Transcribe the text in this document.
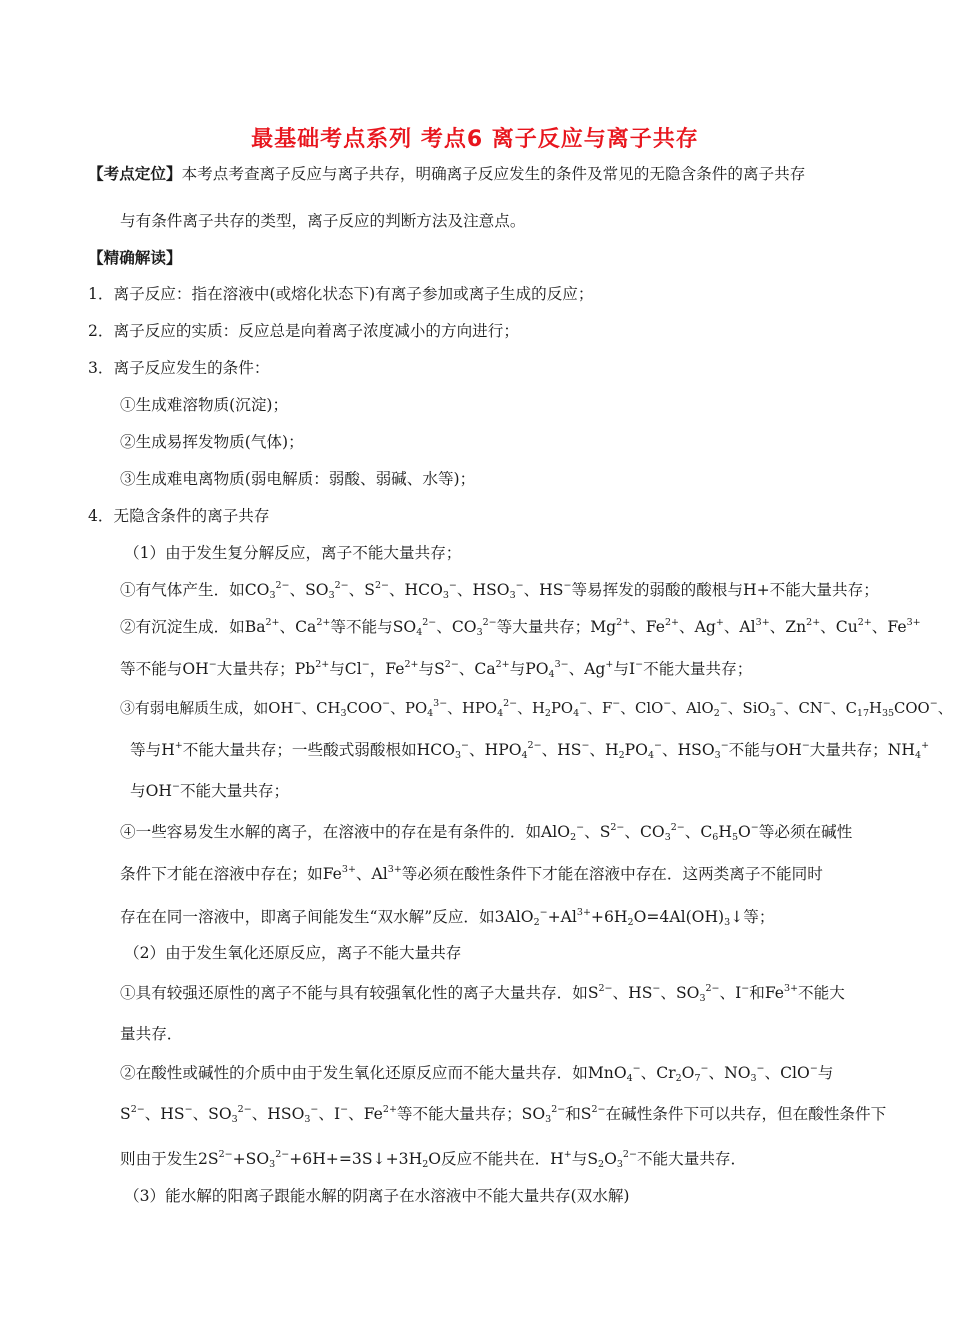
最基础考点系列 考点6 离子反应与离子共存
【考点定位】本考点考查离子反应与离子共存，明确离子反应发生的条件及常见的无隐含条件的离子共存
与有条件离子共存的类型，离子反应的判断方法及注意点。
【精确解读】
1．离子反应：指在溶液中(或熔化状态下)有离子参加或离子生成的反应；
2．离子反应的实质：反应总是向着离子浓度减小的方向进行；
3．离子反应发生的条件：
①生成难溶物质(沉淀)；
②生成易挥发物质(气体)；
③生成难电离物质(弱电解质：弱酸、弱碱、水等)；
4．无隐含条件的离子共存
（1）由于发生复分解反应，离子不能大量共存；
①有气体产生．如$CO_3^{2-}$、$SO_3^{2-}$、$S^{2-}$、$HCO_3^-$、$HSO_3^-$、HS−等易挥发的弱酸的酸根与H+不能大量共存；
②有沉淀生成．如$Ba^{2+}$、$Ca^{2+}$等不能与$SO_4^{2-}$、$CO_3^{2-}$等大量共存；$Mg^{2+}$、$Fe^{2+}$、Ag+、$Al^{3+}$、$Zn^{2+}$、$Cu^{2+}$、$Fe^{3+}$
等不能与OH−大量共存；$Pb^{2+}$与Cl−，$Fe^{2+}$与$S^{2-}$、$Ca^{2+}$与$PO_4^{3-}$、Ag+与I−不能大量共存；
③有弱电解质生成，如OH−、$CH_3COO^-$、$PO_4^{3-}$、$HPO_4^{2-}$、$H_2PO_4^-$、F−、ClO−、AlO$_2$−、SiO$_3$−、CN−、$C_{17}H_{35}COO^-$、
等与H+不能大量共存；一些酸式弱酸根如$HCO_3^-$、$HPO_4^{2-}$、HS−、$H_2PO_4^-$、$HSO_3^-$不能与OH−大量共存；$NH_4^+$
与OH−不能大量共存；
④一些容易发生水解的离子，在溶液中的存在是有条件的．如AlO$_2$−、$S^{2-}$、$CO_3^{2-}$、$C_6H_5O^-$等必须在碱性
条件下才能在溶液中存在；如$Fe^{3+}$、$Al^{3+}$等必须在酸性条件下才能在溶液中存在．这两类离子不能同时
存在在同一溶液中，即离子间能发生“双水解”反应．如$3AlO_2^-+Al^{3+}+6H_2O=4Al(OH)_3↓$等；
（2）由于发生氧化还原反应，离子不能大量共存
①具有较强还原性的离子不能与具有较强氧化性的离子大量共存．如$S^{2-}$、HS−、$SO_3^{2-}$、I−和$Fe^{3+}$不能大
量共存．
②在酸性或碱性的介质中由于发生氧化还原反应而不能大量共存．如MnO$_4$−、$Cr_2O_7^-$、$NO_3^-$、ClO−与
$S^{2-}$、HS−、$SO_3^{2-}$、$HSO_3^-$、I−、$Fe^{2+}$等不能大量共存；$SO_3^{2-}$和$S^{2-}$在碱性条件下可以共存，但在酸性条件下
则由于发生$2S^{2-}+SO_3^{2-}+6H+=3S↓+3H_2O$反应不能共在．H+与$S_2O_3^{2-}$不能大量共存．
（3）能水解的阳离子跟能水解的阴离子在水溶液中不能大量共存(双水解)
